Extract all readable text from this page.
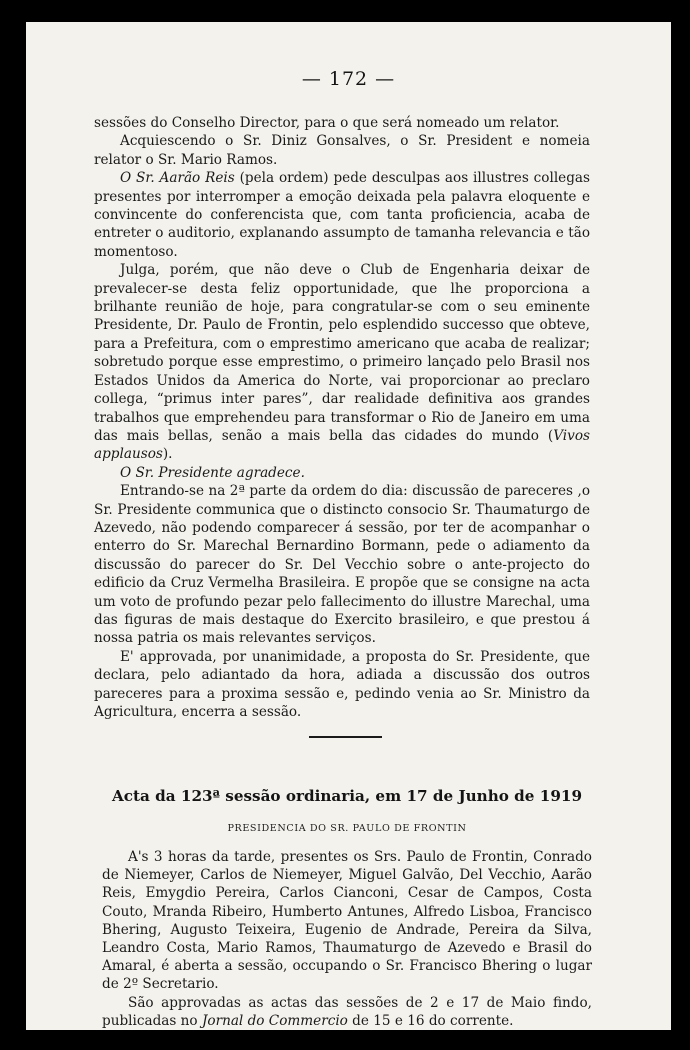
— 172 —

sessões do Conselho Director, para o que será nomeado um relator.

Acquiescendo o Sr. Diniz Gonsalves, o Sr. President e nomeia relator o Sr. Mario Ramos.

O Sr. Aarão Reis (pela ordem) pede desculpas aos illustres collegas presentes por interromper a emoção deixada pela palavra eloquente e convincente do conferencista que, com tanta proficiencia, acaba de entreter o auditorio, explanando assumpto de tamanha relevancia e tão momentoso.

Julga, porém, que não deve o Club de Engenharia deixar de prevalecer-se desta feliz opportunidade, que lhe proporciona a brilhante reunião de hoje, para congratular-se com o seu eminente Presidente, Dr. Paulo de Frontin, pelo esplendido successo que obteve, para a Prefeitura, com o emprestimo americano que acaba de realizar; sobretudo porque esse emprestimo, o primeiro lançado pelo Brasil nos Estados Unidos da America do Norte, vai proporcionar ao preclaro collega, “primus inter pares”, dar realidade definitiva aos grandes trabalhos que emprehendeu para transformar o Rio de Janeiro em uma das mais bellas, senão a mais bella das cidades do mundo (Vivos applausos).

O Sr. Presidente agradece.

Entrando-se na 2ª parte da ordem do dia: discussão de pareceres ,o Sr. Presidente communica que o distincto consocio Sr. Thaumaturgo de Azevedo, não podendo comparecer á sessão, por ter de acompanhar o enterro do Sr. Marechal Bernardino Bormann, pede o adiamento da discussão do parecer do Sr. Del Vecchio sobre o ante-projecto do edificio da Cruz Vermelha Brasileira. E propõe que se consigne na acta um voto de profundo pezar pelo fallecimento do illustre Marechal, uma das figuras de mais destaque do Exercito brasileiro, e que prestou á nossa patria os mais relevantes serviços.

E' approvada, por unanimidade, a proposta do Sr. Presidente, que declara, pelo adiantado da hora, adiada a discussão dos outros pareceres para a proxima sessão e, pedindo venia ao Sr. Ministro da Agricultura, encerra a sessão.

Acta da 123ª sessão ordinaria, em 17 de Junho de 1919
PRESIDENCIA DO SR. PAULO DE FRONTIN

A's 3 horas da tarde, presentes os Srs. Paulo de Frontin, Conrado de Niemeyer, Carlos de Niemeyer, Miguel Galvão, Del Vecchio, Aarão Reis, Emygdio Pereira, Carlos Cianconi, Cesar de Campos, Costa Couto, Mranda Ribeiro, Humberto Antunes, Alfredo Lisboa, Francisco Bhering, Augusto Teixeira, Eugenio de Andrade, Pereira da Silva, Leandro Costa, Mario Ramos, Thaumaturgo de Azevedo e Brasil do Amaral, é aberta a sessão, occupando o Sr. Francisco Bhering o lugar de 2º Secretario.

São approvadas as actas das sessões de 2 e 17 de Maio findo, publicadas no Jornal do Commercio de 15 e 16 do corrente.
